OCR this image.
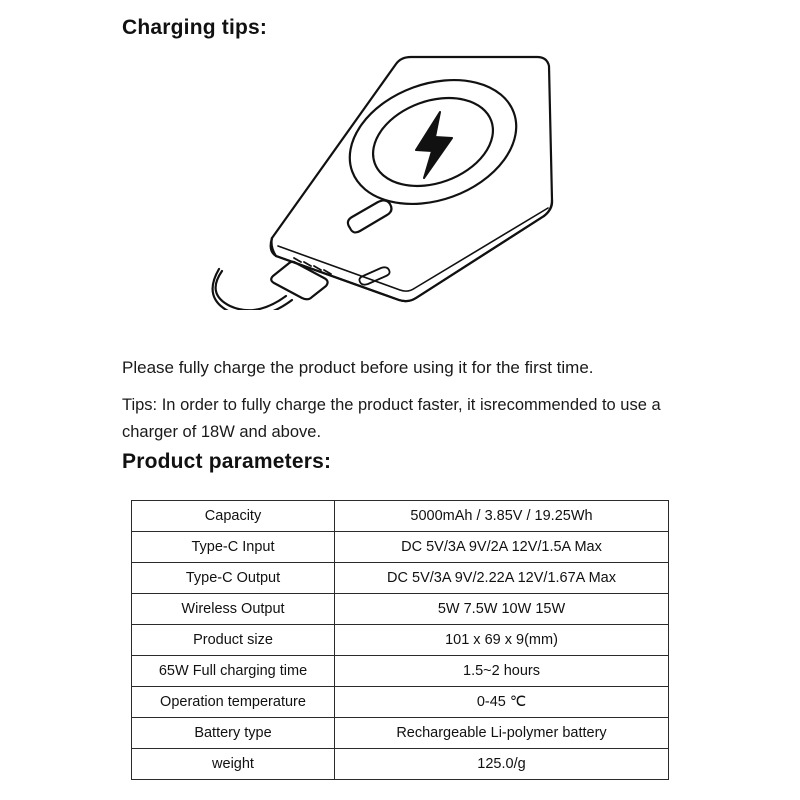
Charging tips:

Please fully charge the product before using it for the first time.

Tips: In order to fully charge the product faster, it isrecommended to use a charger of 18W and above.

Product parameters:
Capacity	5000mAh / 3.85V / 19.25Wh
Type-C Input	DC 5V/3A 9V/2A 12V/1.5A Max
Type-C Output	DC 5V/3A 9V/2.22A 12V/1.67A Max
Wireless Output	5W 7.5W 10W 15W
Product size	101 x 69 x 9(mm)
65W Full charging time	1.5~2 hours
Operation temperature	0-45 ℃
Battery type	Rechargeable Li-polymer battery
weight	125.0/g
